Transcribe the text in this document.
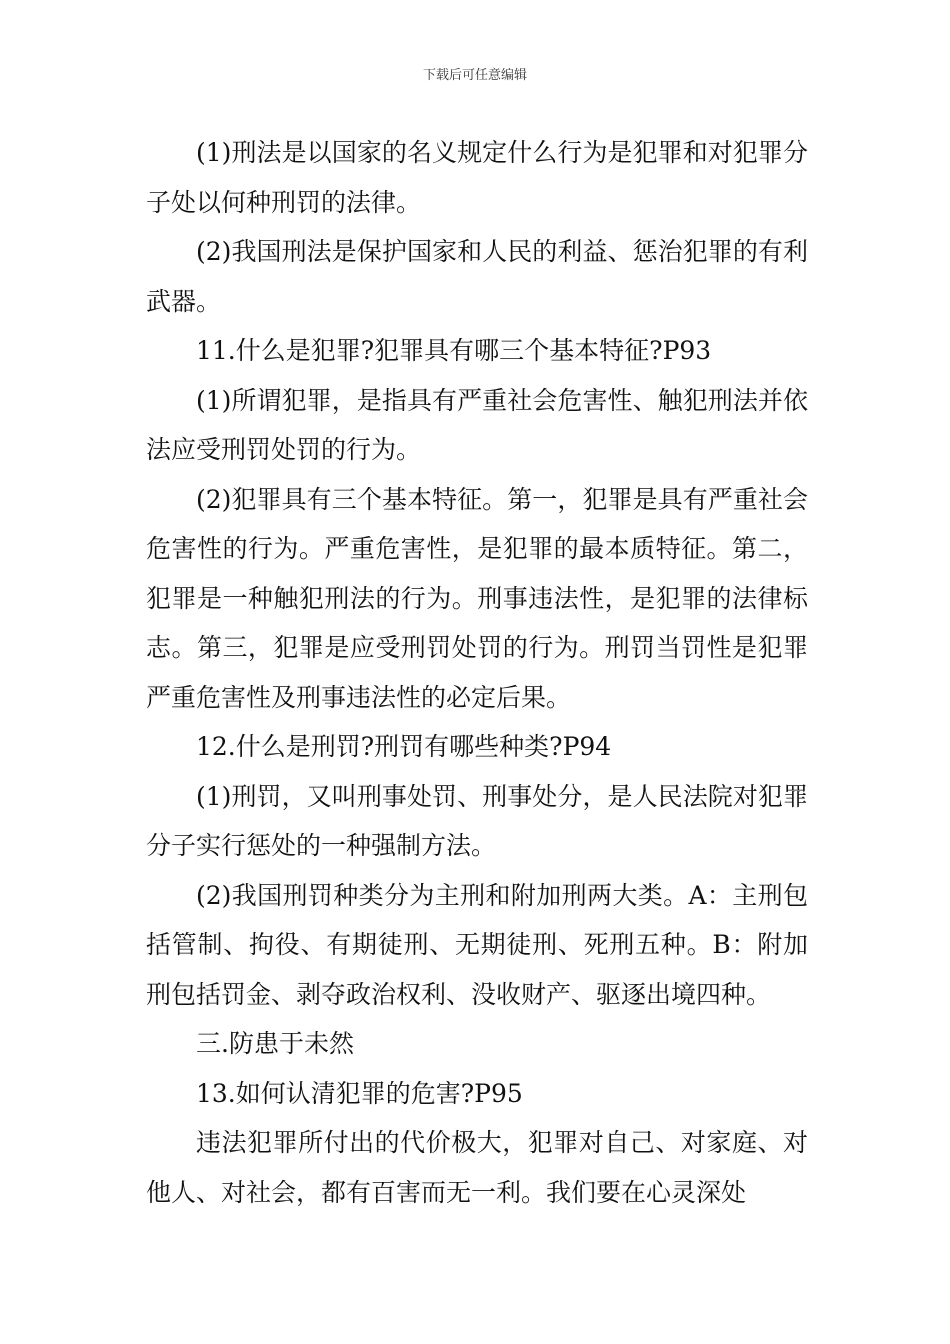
下载后可任意编辑

(1)刑法是以国家的名义规定什么行为是犯罪和对犯罪分子处以何种刑罚的法律。

(2)我国刑法是保护国家和人民的利益、惩治犯罪的有利武器。

11.什么是犯罪?犯罪具有哪三个基本特征?P93

(1)所谓犯罪，是指具有严重社会危害性、触犯刑法并依法应受刑罚处罚的行为。

(2)犯罪具有三个基本特征。第一，犯罪是具有严重社会危害性的行为。严重危害性，是犯罪的最本质特征。第二，犯罪是一种触犯刑法的行为。刑事违法性，是犯罪的法律标志。第三，犯罪是应受刑罚处罚的行为。刑罚当罚性是犯罪严重危害性及刑事违法性的必定后果。

12.什么是刑罚?刑罚有哪些种类?P94

(1)刑罚，又叫刑事处罚、刑事处分，是人民法院对犯罪分子实行惩处的一种强制方法。

(2)我国刑罚种类分为主刑和附加刑两大类。A：主刑包括管制、拘役、有期徒刑、无期徒刑、死刑五种。B：附加刑包括罚金、剥夺政治权利、没收财产、驱逐出境四种。

三.防患于未然

13.如何认清犯罪的危害?P95

违法犯罪所付出的代价极大，犯罪对自己、对家庭、对他人、对社会，都有百害而无一利。我们要在心灵深处
